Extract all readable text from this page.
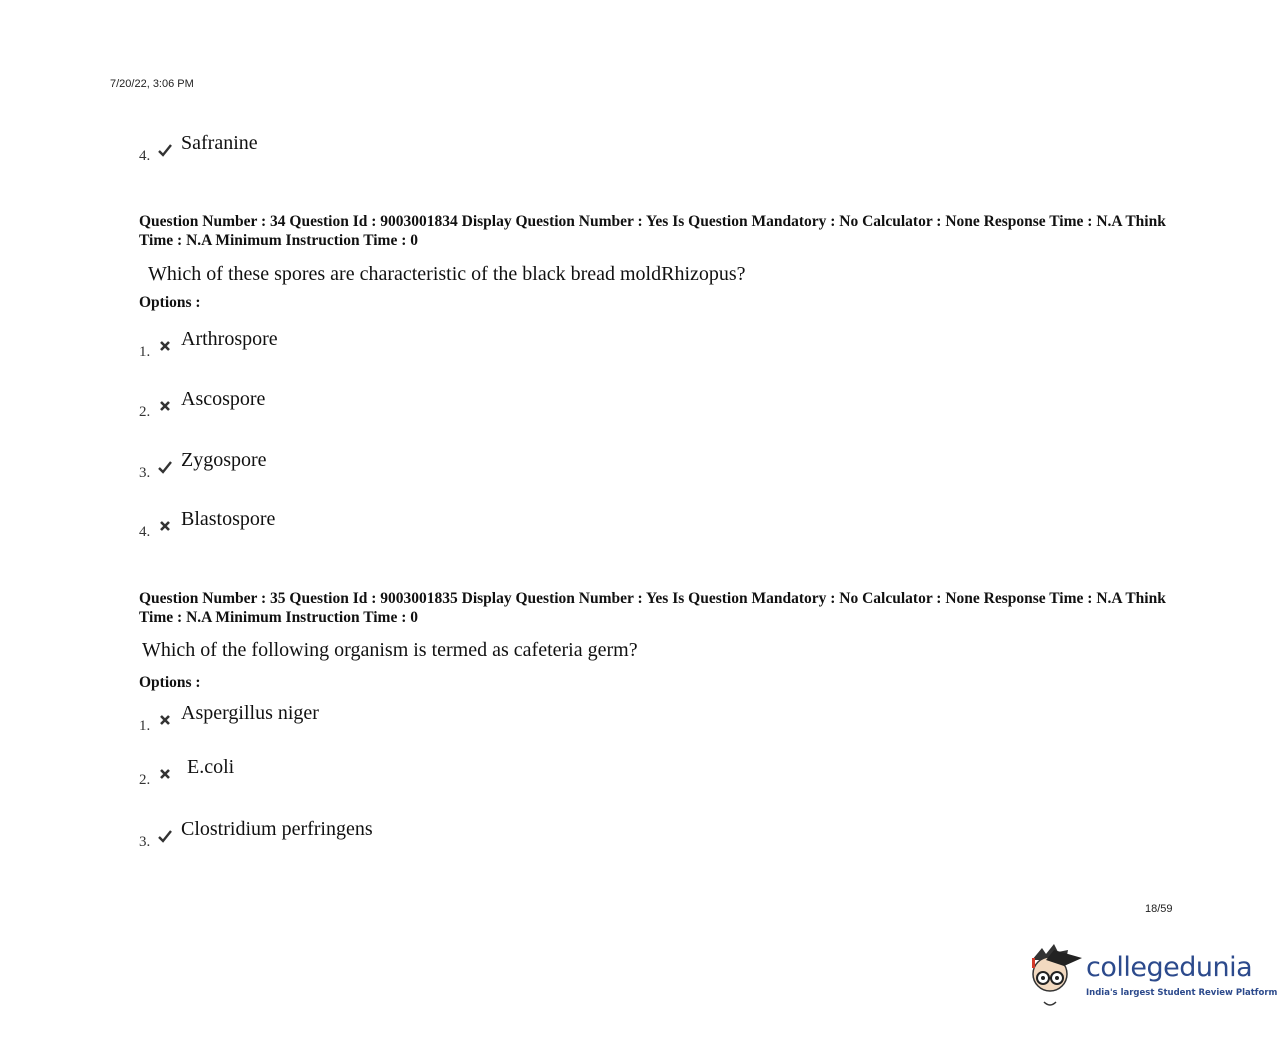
7/20/22, 3:06 PM
4.
Safranine
Question Number : 34 Question Id : 9003001834 Display Question Number : Yes Is Question Mandatory : No Calculator : None Response Time : N.A Think Time : N.A Minimum Instruction Time : 0
Which of these spores are characteristic of the black bread moldRhizopus?
Options :
1.
Arthrospore
2.
Ascospore
3.
Zygospore
4.
Blastospore
Question Number : 35 Question Id : 9003001835 Display Question Number : Yes Is Question Mandatory : No Calculator : None Response Time : N.A Think Time : N.A Minimum Instruction Time : 0
Which of the following organism is termed as cafeteria germ?
Options :
1.
Aspergillus niger
2.
E.coli
3.
Clostridium perfringens
18/59
collegedunia
India's largest Student Review Platform
